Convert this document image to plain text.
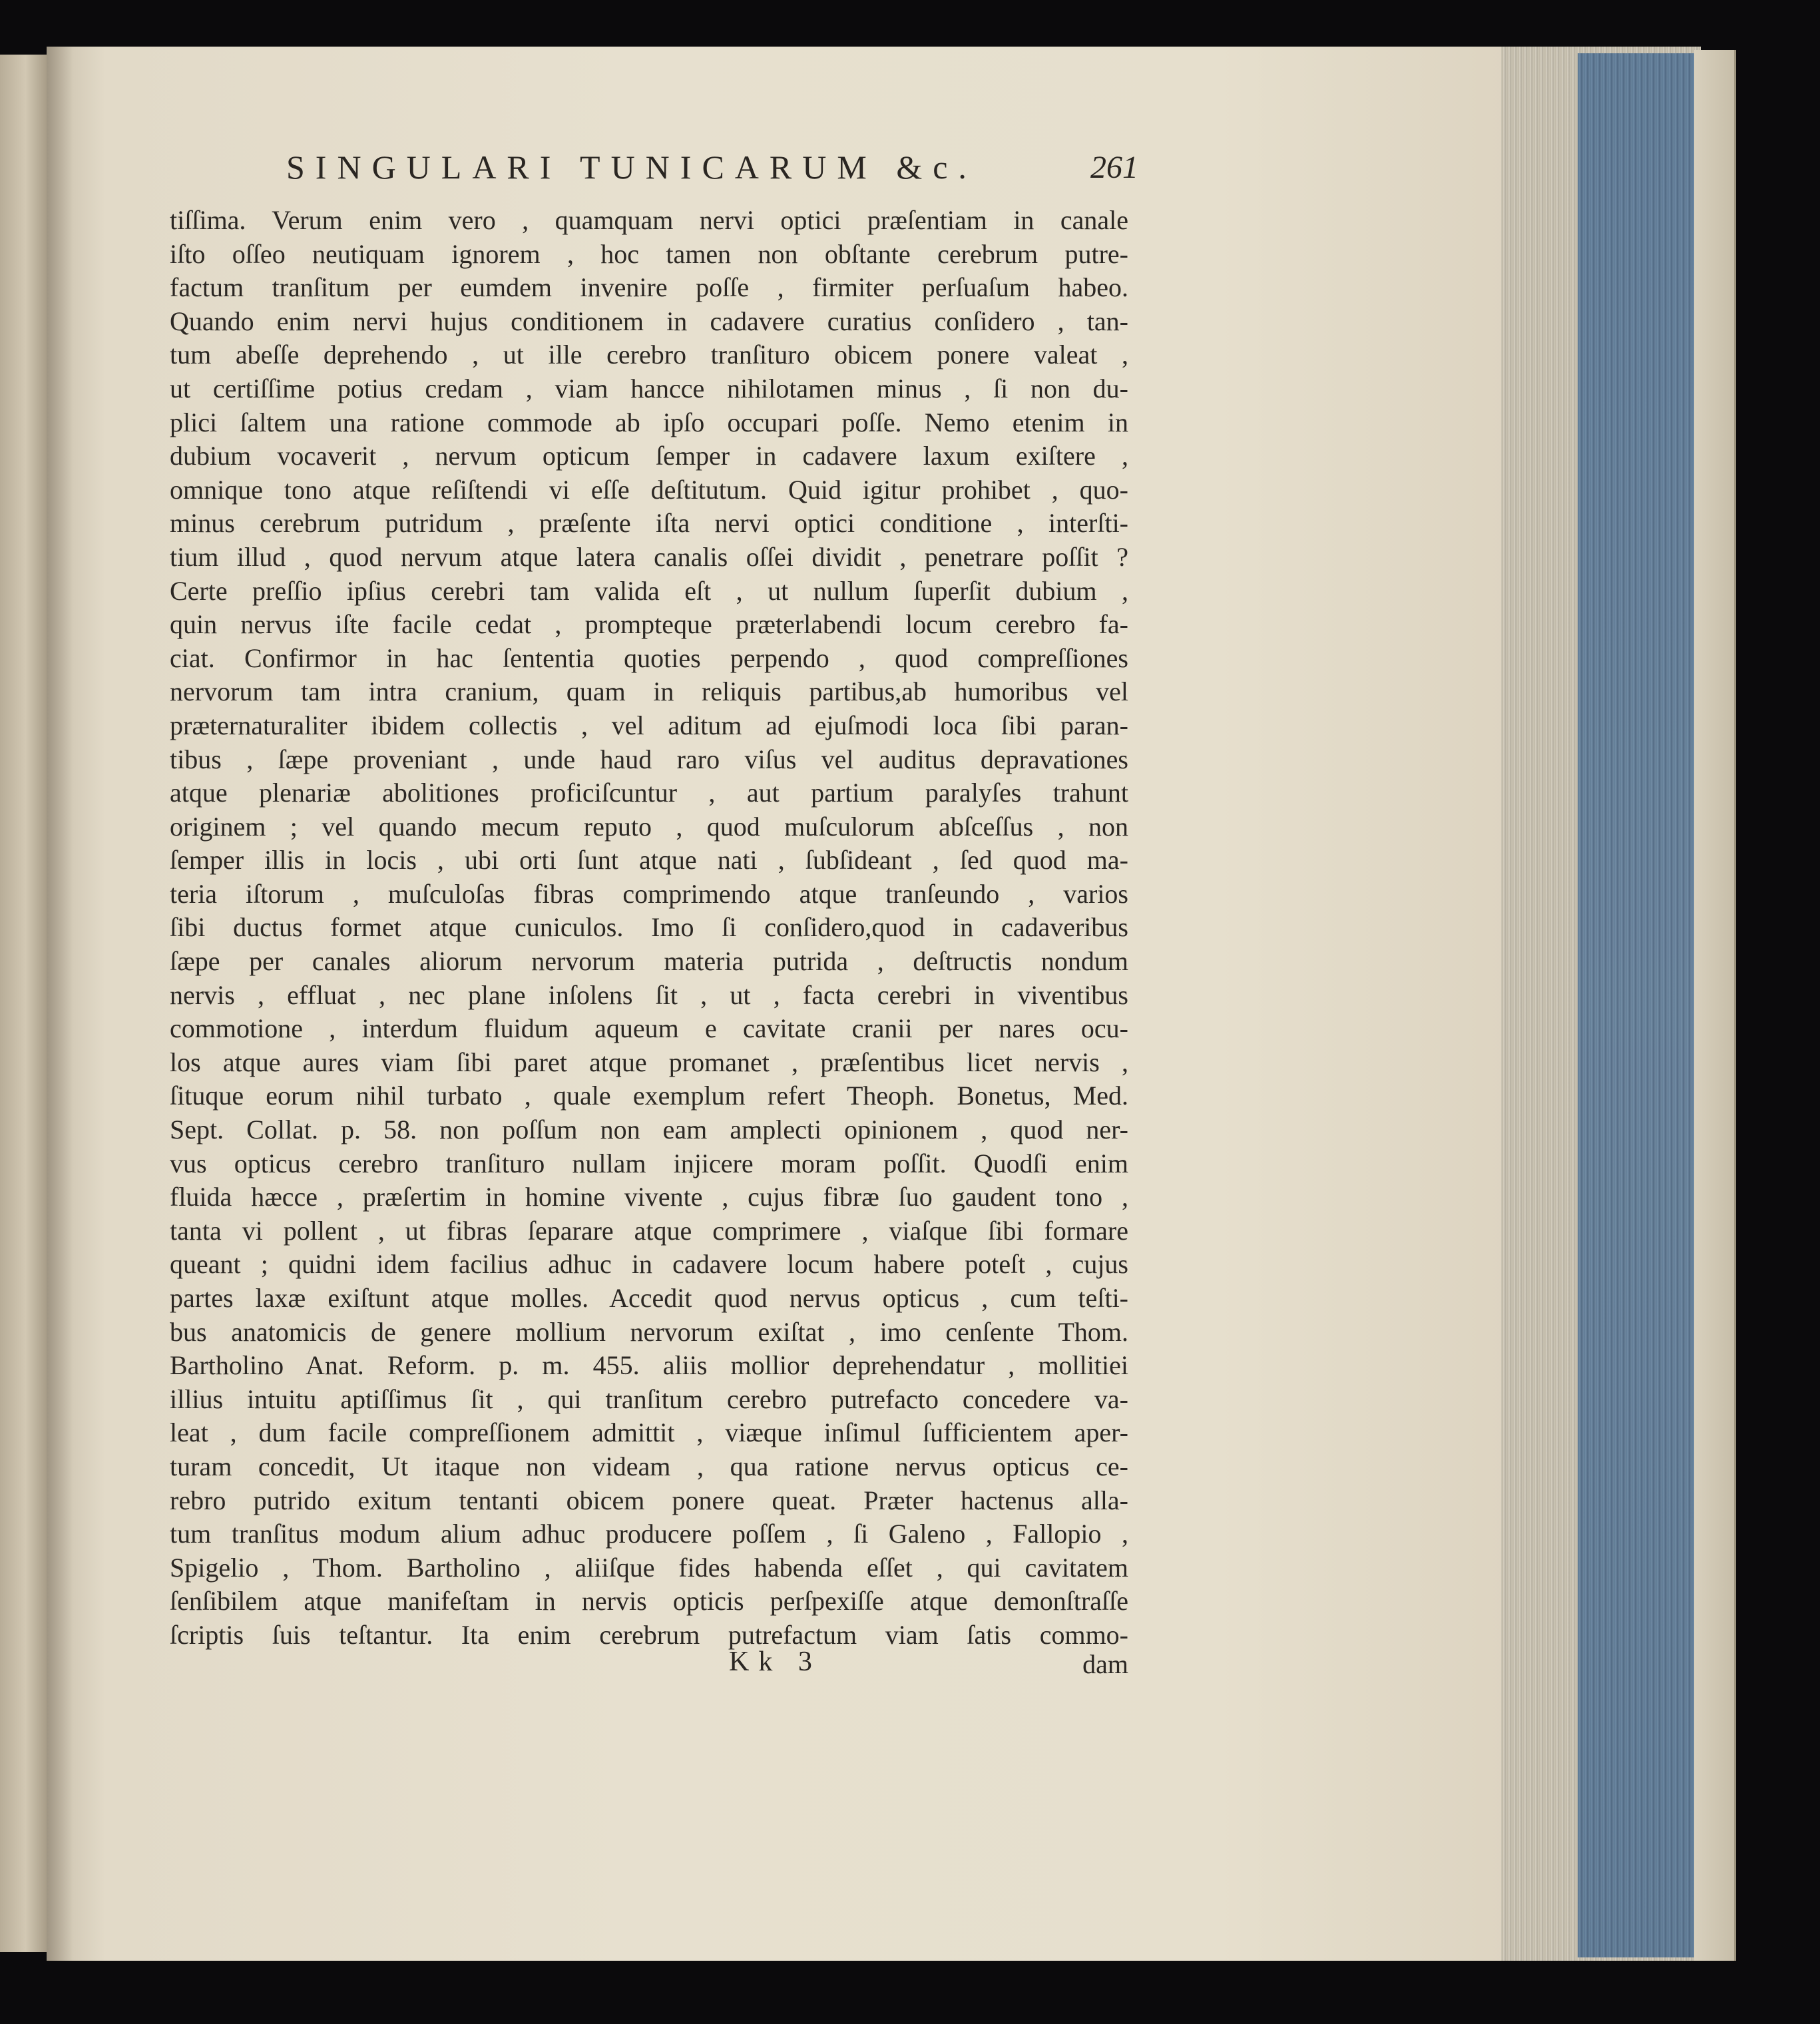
SINGULARI TUNICARUM &c.	261
tiſſima. Verum enim vero , quamquam nervi optici præſentiam in canale
iſto oſſeo neutiquam ignorem , hoc tamen non obſtante cerebrum putre-
factum tranſitum per eumdem invenire poſſe , firmiter perſuaſum habeo.
Quando enim nervi hujus conditionem in cadavere curatius conſidero , tan-
tum abeſſe deprehendo , ut ille cerebro tranſituro obicem ponere valeat ,
ut certiſſime potius credam , viam hancce nihilotamen minus , ſi non du-
plici ſaltem una ratione commode ab ipſo occupari poſſe. Nemo etenim in
dubium vocaverit , nervum opticum ſemper in cadavere laxum exiſtere ,
omnique tono atque reſiſtendi vi eſſe deſtitutum. Quid igitur prohibet , quo-
minus cerebrum putridum , præſente iſta nervi optici conditione , interſti-
tium illud , quod nervum atque latera canalis oſſei dividit , penetrare poſſit ?
Certe preſſio ipſius cerebri tam valida eſt , ut nullum ſuperſit dubium ,
quin nervus iſte facile cedat , prompteque præterlabendi locum cerebro fa-
ciat. Confirmor in hac ſententia quoties perpendo , quod compreſſiones
nervorum tam intra cranium, quam in reliquis partibus,ab humoribus vel
præternaturaliter ibidem collectis , vel aditum ad ejuſmodi loca ſibi paran-
tibus , ſæpe proveniant , unde haud raro viſus vel auditus depravationes
atque plenariæ abolitiones proficiſcuntur , aut partium paralyſes trahunt
originem ; vel quando mecum reputo , quod muſculorum abſceſſus , non
ſemper illis in locis , ubi orti ſunt atque nati , ſubſideant , ſed quod ma-
teria iſtorum , muſculoſas fibras comprimendo atque tranſeundo , varios
ſibi ductus formet atque cuniculos. Imo ſi conſidero,quod in cadaveribus
ſæpe per canales aliorum nervorum materia putrida , deſtructis nondum
nervis , effluat , nec plane inſolens ſit , ut , facta cerebri in viventibus
commotione , interdum fluidum aqueum e cavitate cranii per nares ocu-
los atque aures viam ſibi paret atque promanet , præſentibus licet nervis ,
ſituque eorum nihil turbato , quale exemplum refert Theoph. Bonetus, Med.
Sept. Collat. p. 58. non poſſum non eam amplecti opinionem , quod ner-
vus opticus cerebro tranſituro nullam injicere moram poſſit. Quodſi enim
fluida hæcce , præſertim in homine vivente , cujus fibræ ſuo gaudent tono ,
tanta vi pollent , ut fibras ſeparare atque comprimere , viaſque ſibi formare
queant ; quidni idem facilius adhuc in cadavere locum habere poteſt , cujus
partes laxæ exiſtunt atque molles. Accedit quod nervus opticus , cum teſti-
bus anatomicis de genere mollium nervorum exiſtat , imo cenſente Thom.
Bartholino Anat. Reform. p. m. 455. aliis mollior deprehendatur , mollitiei
illius intuitu aptiſſimus ſit , qui tranſitum cerebro putrefacto concedere va-
leat , dum facile compreſſionem admittit , viæque inſimul ſufficientem aper-
turam concedit, Ut itaque non videam , qua ratione nervus opticus ce-
rebro putrido exitum tentanti obicem ponere queat. Præter hactenus alla-
tum tranſitus modum alium adhuc producere poſſem , ſi Galeno , Fallopio ,
Spigelio , Thom. Bartholino , aliiſque fides habenda eſſet , qui cavitatem
ſenſibilem atque manifeſtam in nervis opticis perſpexiſſe atque demonſtraſſe
ſcriptis ſuis teſtantur. Ita enim cerebrum putrefactum viam ſatis commo-
Kk 3	dam
